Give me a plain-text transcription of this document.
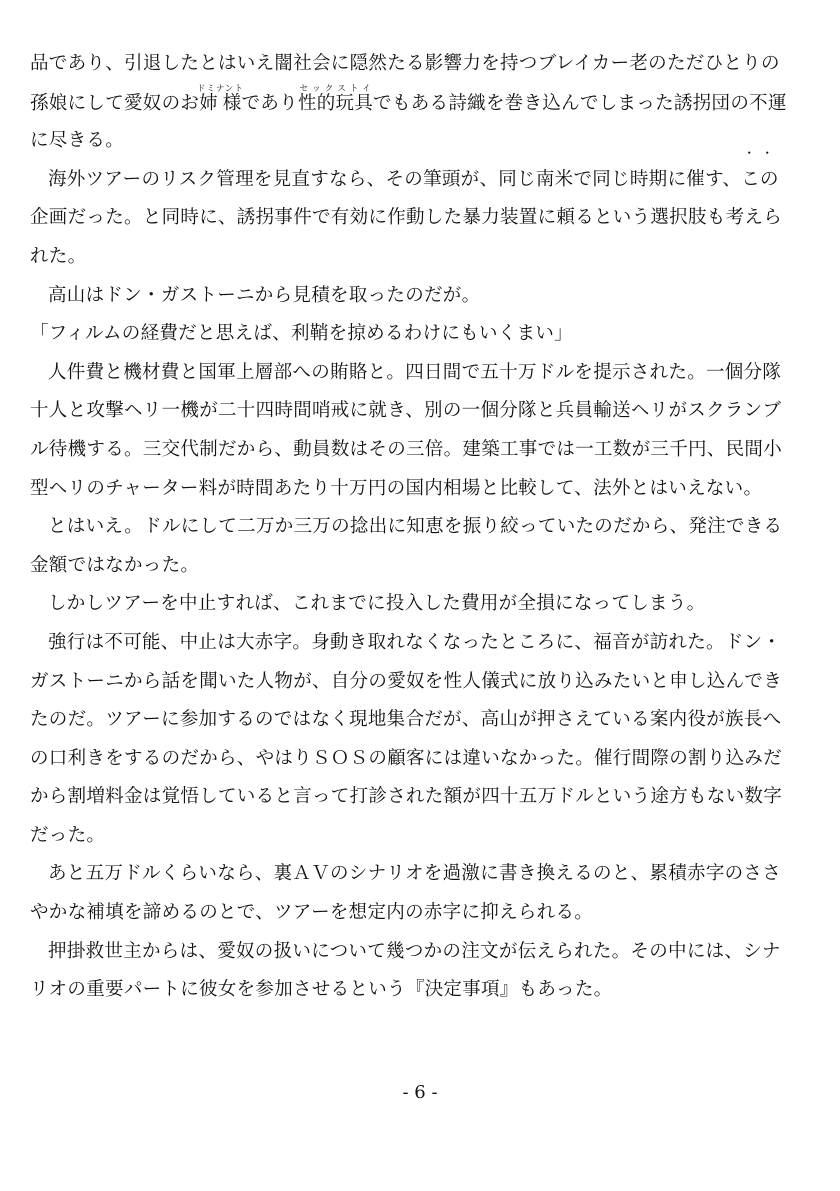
品であり、引退したとはいえ闇社会に隠然たる影響力を持つブレイカー老のただひとりの
孫娘にして愛奴のお姉様ドミナントであり性的玩具セックストイでもある詩織を巻き込んでしまった誘拐団の不運
に尽きる。
海外ツアーのリスク管理を見直すなら、その筆頭が、同じ南米で同じ時期に催す、・・ この
企画だった。と同時に、誘拐事件で有効に作動した暴力装置に頼るという選択肢も考えら
れた。
高山はドン・ガストーニから見積を取ったのだが。
「フィルムの経費だと思えば、利鞘を掠めるわけにもいくまい」
人件費と機材費と国軍上層部への賄賂と。四日間で五十万ドルを提示された。一個分隊
十人と攻撃ヘリ一機が二十四時間哨戒に就き、別の一個分隊と兵員輸送ヘリがスクランブ
ル待機する。三交代制だから、動員数はその三倍。建築工事では一工数が三千円、民間小
型ヘリのチャーター料が時間あたり十万円の国内相場と比較して、法外とはいえない。
とはいえ。ドルにして二万か三万の捻出に知恵を振り絞っていたのだから、発注できる
金額ではなかった。
しかしツアーを中止すれば、これまでに投入した費用が全損になってしまう。
強行は不可能、中止は大赤字。身動き取れなくなったところに、福音が訪れた。ドン・
ガストーニから話を聞いた人物が、自分の愛奴を性人儀式に放り込みたいと申し込んでき
たのだ。ツアーに参加するのではなく現地集合だが、高山が押さえている案内役が族長へ
の口利きをするのだから、やはりＳＯＳの顧客には違いなかった。催行間際の割り込みだ
から割増料金は覚悟していると言って打診された額が四十五万ドルという途方もない数字
だった。
あと五万ドルくらいなら、裏ＡＶのシナリオを過激に書き換えるのと、累積赤字のささ
やかな補填を諦めるのとで、ツアーを想定内の赤字に抑えられる。
押掛救世主からは、愛奴の扱いについて幾つかの注文が伝えられた。その中には、シナ
リオの重要パートに彼女を参加させるという『決定事項』もあった。
- 6 -
